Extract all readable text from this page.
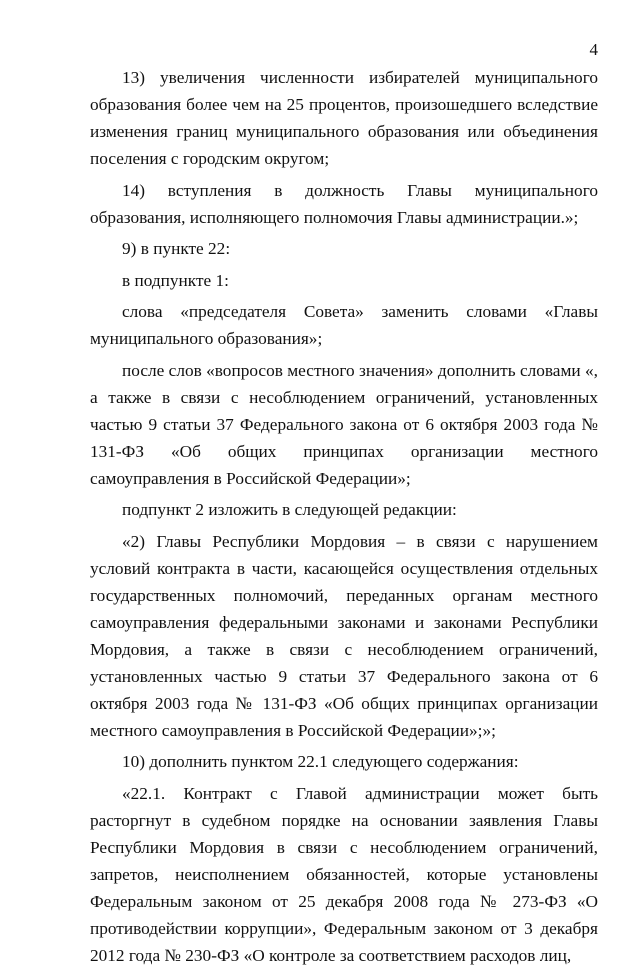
4

13) увеличения численности избирателей муниципального образования более чем на 25 процентов, произошедшего вследствие изменения границ муниципального образования или объединения поселения с городским округом;

14) вступления в должность Главы муниципального образования, исполняющего полномочия Главы администрации.»;

9) в пункте 22:

в подпункте 1:

слова «председателя Совета» заменить словами «Главы муниципального образования»;

после слов «вопросов местного значения» дополнить словами «, а также в связи с несоблюдением ограничений, установленных частью 9 статьи 37 Федерального закона от 6 октября 2003 года № 131-ФЗ «Об общих принципах организации местного самоуправления в Российской Федерации»;

подпункт 2 изложить в следующей редакции:

«2) Главы Республики Мордовия – в связи с нарушением условий контракта в части, касающейся осуществления отдельных государственных полномочий, переданных органам местного самоуправления федеральными законами и законами Республики Мордовия, а также в связи с несоблюдением ограничений, установленных частью 9 статьи 37 Федерального закона от 6 октября 2003 года № 131-ФЗ «Об общих принципах организации местного самоуправления в Российской Федерации»;»;

10) дополнить пунктом 22.1 следующего содержания:

«22.1. Контракт с Главой администрации может быть расторгнут в судебном порядке на основании заявления Главы Республики Мордовия в связи с несоблюдением ограничений, запретов, неисполнением обязанностей, которые установлены Федеральным законом от 25 декабря 2008 года № 273-ФЗ «О противодействии коррупции», Федеральным законом от 3 декабря 2012 года № 230-ФЗ «О контроле за соответствием расходов лиц,
